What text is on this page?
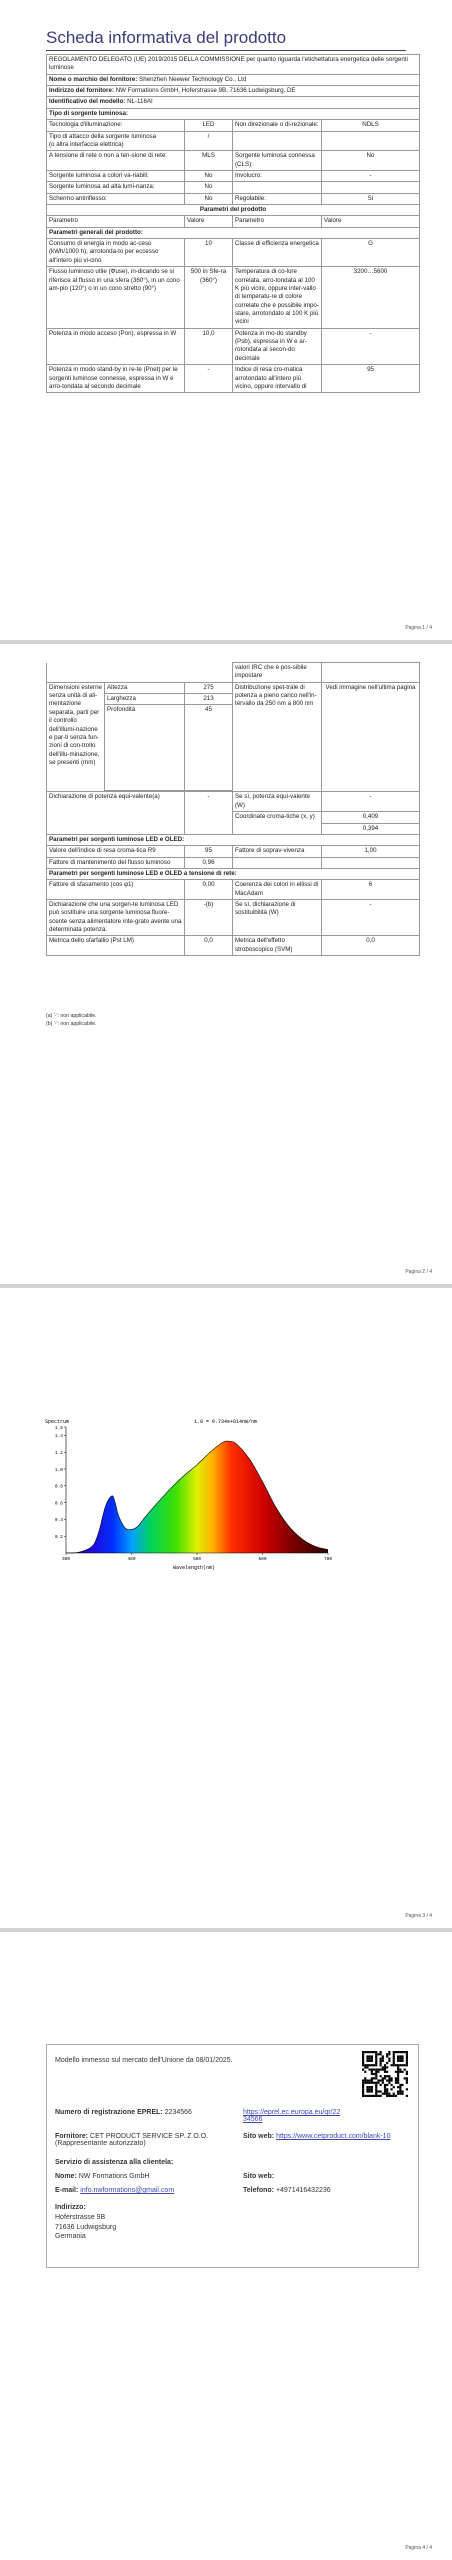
Scheda informativa del prodotto
REGOLAMENTO DELEGATO (UE) 2019/2015 DELLA COMMISSIONE per quanto riguarda l'etichettatura energetica delle sorgenti luminose			
Nome o marchio del fornitore: Shenzhen Neewer Technology Co., Ltd			
Indirizzo del fornitore: NW Formations GmbH, Hoferstrasse 9B, 71636 Ludwigsburg, DE			
Identificativo del modello: NL-116AI			
Tipo di sorgente luminosa:			
Tecnologia d'illuminazione:	LED	Non direzionale o di-rezionale:	NDLS
Tipo di attacco della sorgente luminosa
(o altra interfaccia elettrica)	/		
A tensione di rete o non a ten-sione di rete:	MLS	Sorgente luminosa connessa (CLS):	No
Sorgente luminosa a colori va-riabili:	No	Involucro:	-
Sorgente luminosa ad alta lumi-nanza:	No		
Schermo antiriflesso:	No	Regolabile:	Sì
Parametri del prodotto			
Parametro	Valore	Parametro	Valore
Parametri generali del prodotto:			
Consumo di energia in modo ac-ceso (kWh/1000 h), arrotonda-to per eccesso all'intero più vi-cino	10	Classe di efficienza energetica	G
Flusso luminoso utile (Φuse), in-dicando se si riferisce al flusso in una sfera (360°), in un cono am-pio (120°) o in un cono stretto (90°)	500 in Sfe-ra (360°)	Temperatura di co-lore correlata, arro-tondata al 100 K più vicini, oppure inter-vallo di temperatu-re di colore correlate che è possibile impo-stare, arrotondato al 100 K più vicini	3200…5600
Potenza in modo acceso (Pon), espressa in W	10,0	Potenza in mo-do standby (Psb), espressa in W e ar-rotondata al secon-do decimale	-
Potenza in modo stand-by in re-te (Pnet) per le sorgenti luminose connesse, espressa in W e arro-tondata al secondo decimale	-	Indice di resa cro-matica arrotondato all'intero più vicino, oppure intervallo di	95
Pagina 1 / 4
			valori IRC che è pos-sibile impostare	
Dimensioni esterne senza unità di ali-mentazione separata, parti per il controllo dell'illumi-nazione e par-ti senza fun-zioni di con-trollo dell'illu-minazione, se presenti (mm)	Altezza	275	Distribuzione spet-trale di potenza a pieno carico nell'in-tervallo da 250 nm a 800 nm	Vedi immagine nell'ultima pagina
	Larghezza	213		
	Profondità	45		

Dichiarazione di potenza equi-valente(a)		-	Se sì, potenza equi-valente (W)	-
			Coordinate croma-tiche (x, y)	0,409
				0,394
Parametri per sorgenti luminose LED e OLED:				
Valore dell'indice di resa croma-tica R9		95	Fattore di soprav-vivenza	1,00
Fattore di mantenimento del flusso luminoso		0,96		
Parametri per sorgenti luminose LED e OLED a tensione di rete:				
Fattore di sfasamento (cos φ1)		0,00	Coerenza dei colori in ellissi di MacAdam	6
Dichiarazione che una sorgen-te luminosa LED può sostituire una sorgente luminosa fluore-scente senza alimentatore inte-grato avente una determinata potenza.		-(b)	Se sì, dichiarazione di sostituibilità (W)	-
Metrica dello sfarfallio (Pst LM)		0,0	Metrica dell'effetto stroboscopico (SVM)	0,0
(a) '-': non applicabile.
(b) '-': non applicabile.
Pagina 2 / 4
Pagina 3 / 4
Spectrum	1.0 = 0.734e+014nW/nm
1.5
1.4
1.2
1.0
0.8
0.6
0.4
0.2
380	480	580	680	780
Wavelength(nm)
Pagina 4 / 4
Modello immesso sul mercato dell'Unione da 08/01/2025.
Numero di registrazione EPREL: 2234566	https://eprel.ec.europa.eu/qr/2234566
Fornitore: CET PRODUCT SERVICE SP. Z O.O. (Rappresentante autorizzato)
Sito web: https://www.cetproduct.com/blank-10
Servizio di assistenza alla clientela:
Nome: NW Formations GmbH	Sito web:
E-mail: info.nwformations@gmail.com	Telefono: +4971416432236
Indirizzo:
Hoferstrasse 9B
71636 Ludwigsburg
Germania
